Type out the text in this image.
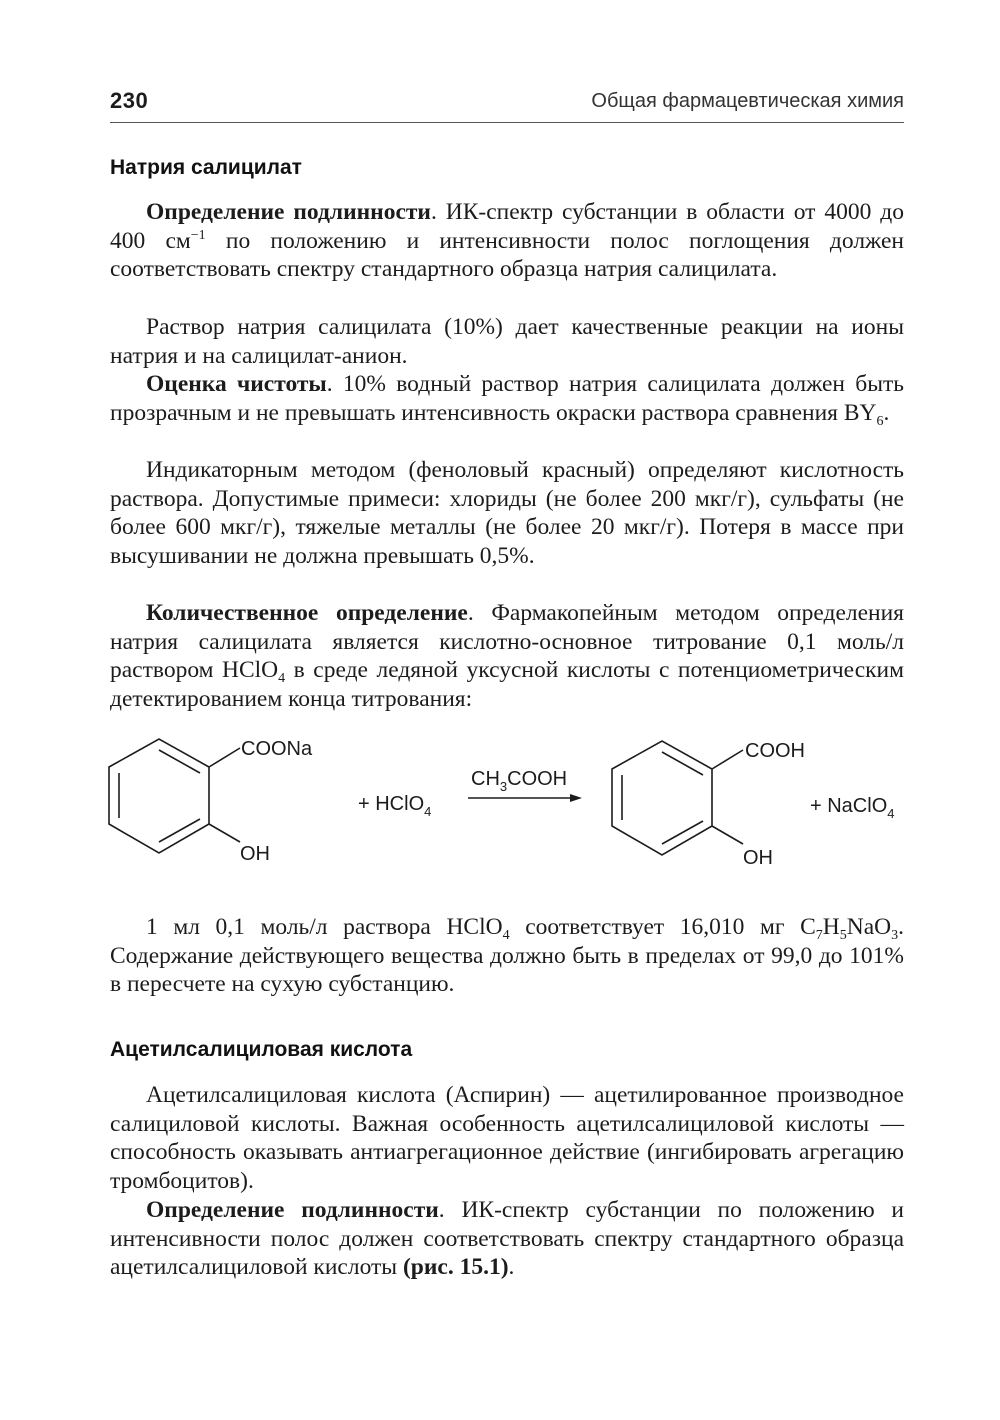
230	Общая фармацевтическая химия
Натрия салицилат

Определение подлинности. ИК-спектр субстанции в области от 4000 до 400 $см^{-1}$ по положению и интенсивности полос поглощения должен соответствовать спектру стандартного образца натрия салицилата.

Раствор натрия салицилата (10%) дает качественные реакции на ионы натрия и на салицилат-анион.

Оценка чистоты. 10% водный раствор натрия салицилата должен быть прозрачным и не превышать интенсивность окраски раствора сравнения $BY_6$.

Индикаторным методом (феноловый красный) определяют кислотность раствора. Допустимые примеси: хлориды (не более 200 мкг/г), сульфаты (не более 600 мкг/г), тяжелые металлы (не более 20 мкг/г). Потеря в массе при высушивании не должна превышать 0,5%.

Количественное определение. Фармакопейным методом определения натрия салицилата является кислотно-основное титрование 0,1 моль/л раствором HClO$_4$ в среде ледяной уксусной кислоты с потенциометрическим детектированием конца титрования:

COONa
OH
+ HClO$_4$
$CH_3COOH$
COOH
OH
+ NaClO$_4$

1 мл 0,1 моль/л раствора HClO$_4$ соответствует 16,010 мг $C_7H_5NaO_3$. Содержание действующего вещества должно быть в пределах от 99,0 до 101% в пересчете на сухую субстанцию.

Ацетилсалициловая кислота

Ацетилсалициловая кислота (Аспирин) — ацетилированное производное салициловой кислоты. Важная особенность ацетилсалициловой кислоты — способность оказывать антиагрегационное действие (ингибировать агрегацию тромбоцитов).

Определение подлинности. ИК-спектр субстанции по положению и интенсивности полос должен соответствовать спектру стандартного образца ацетилсалициловой кислоты (рис. 15.1).
